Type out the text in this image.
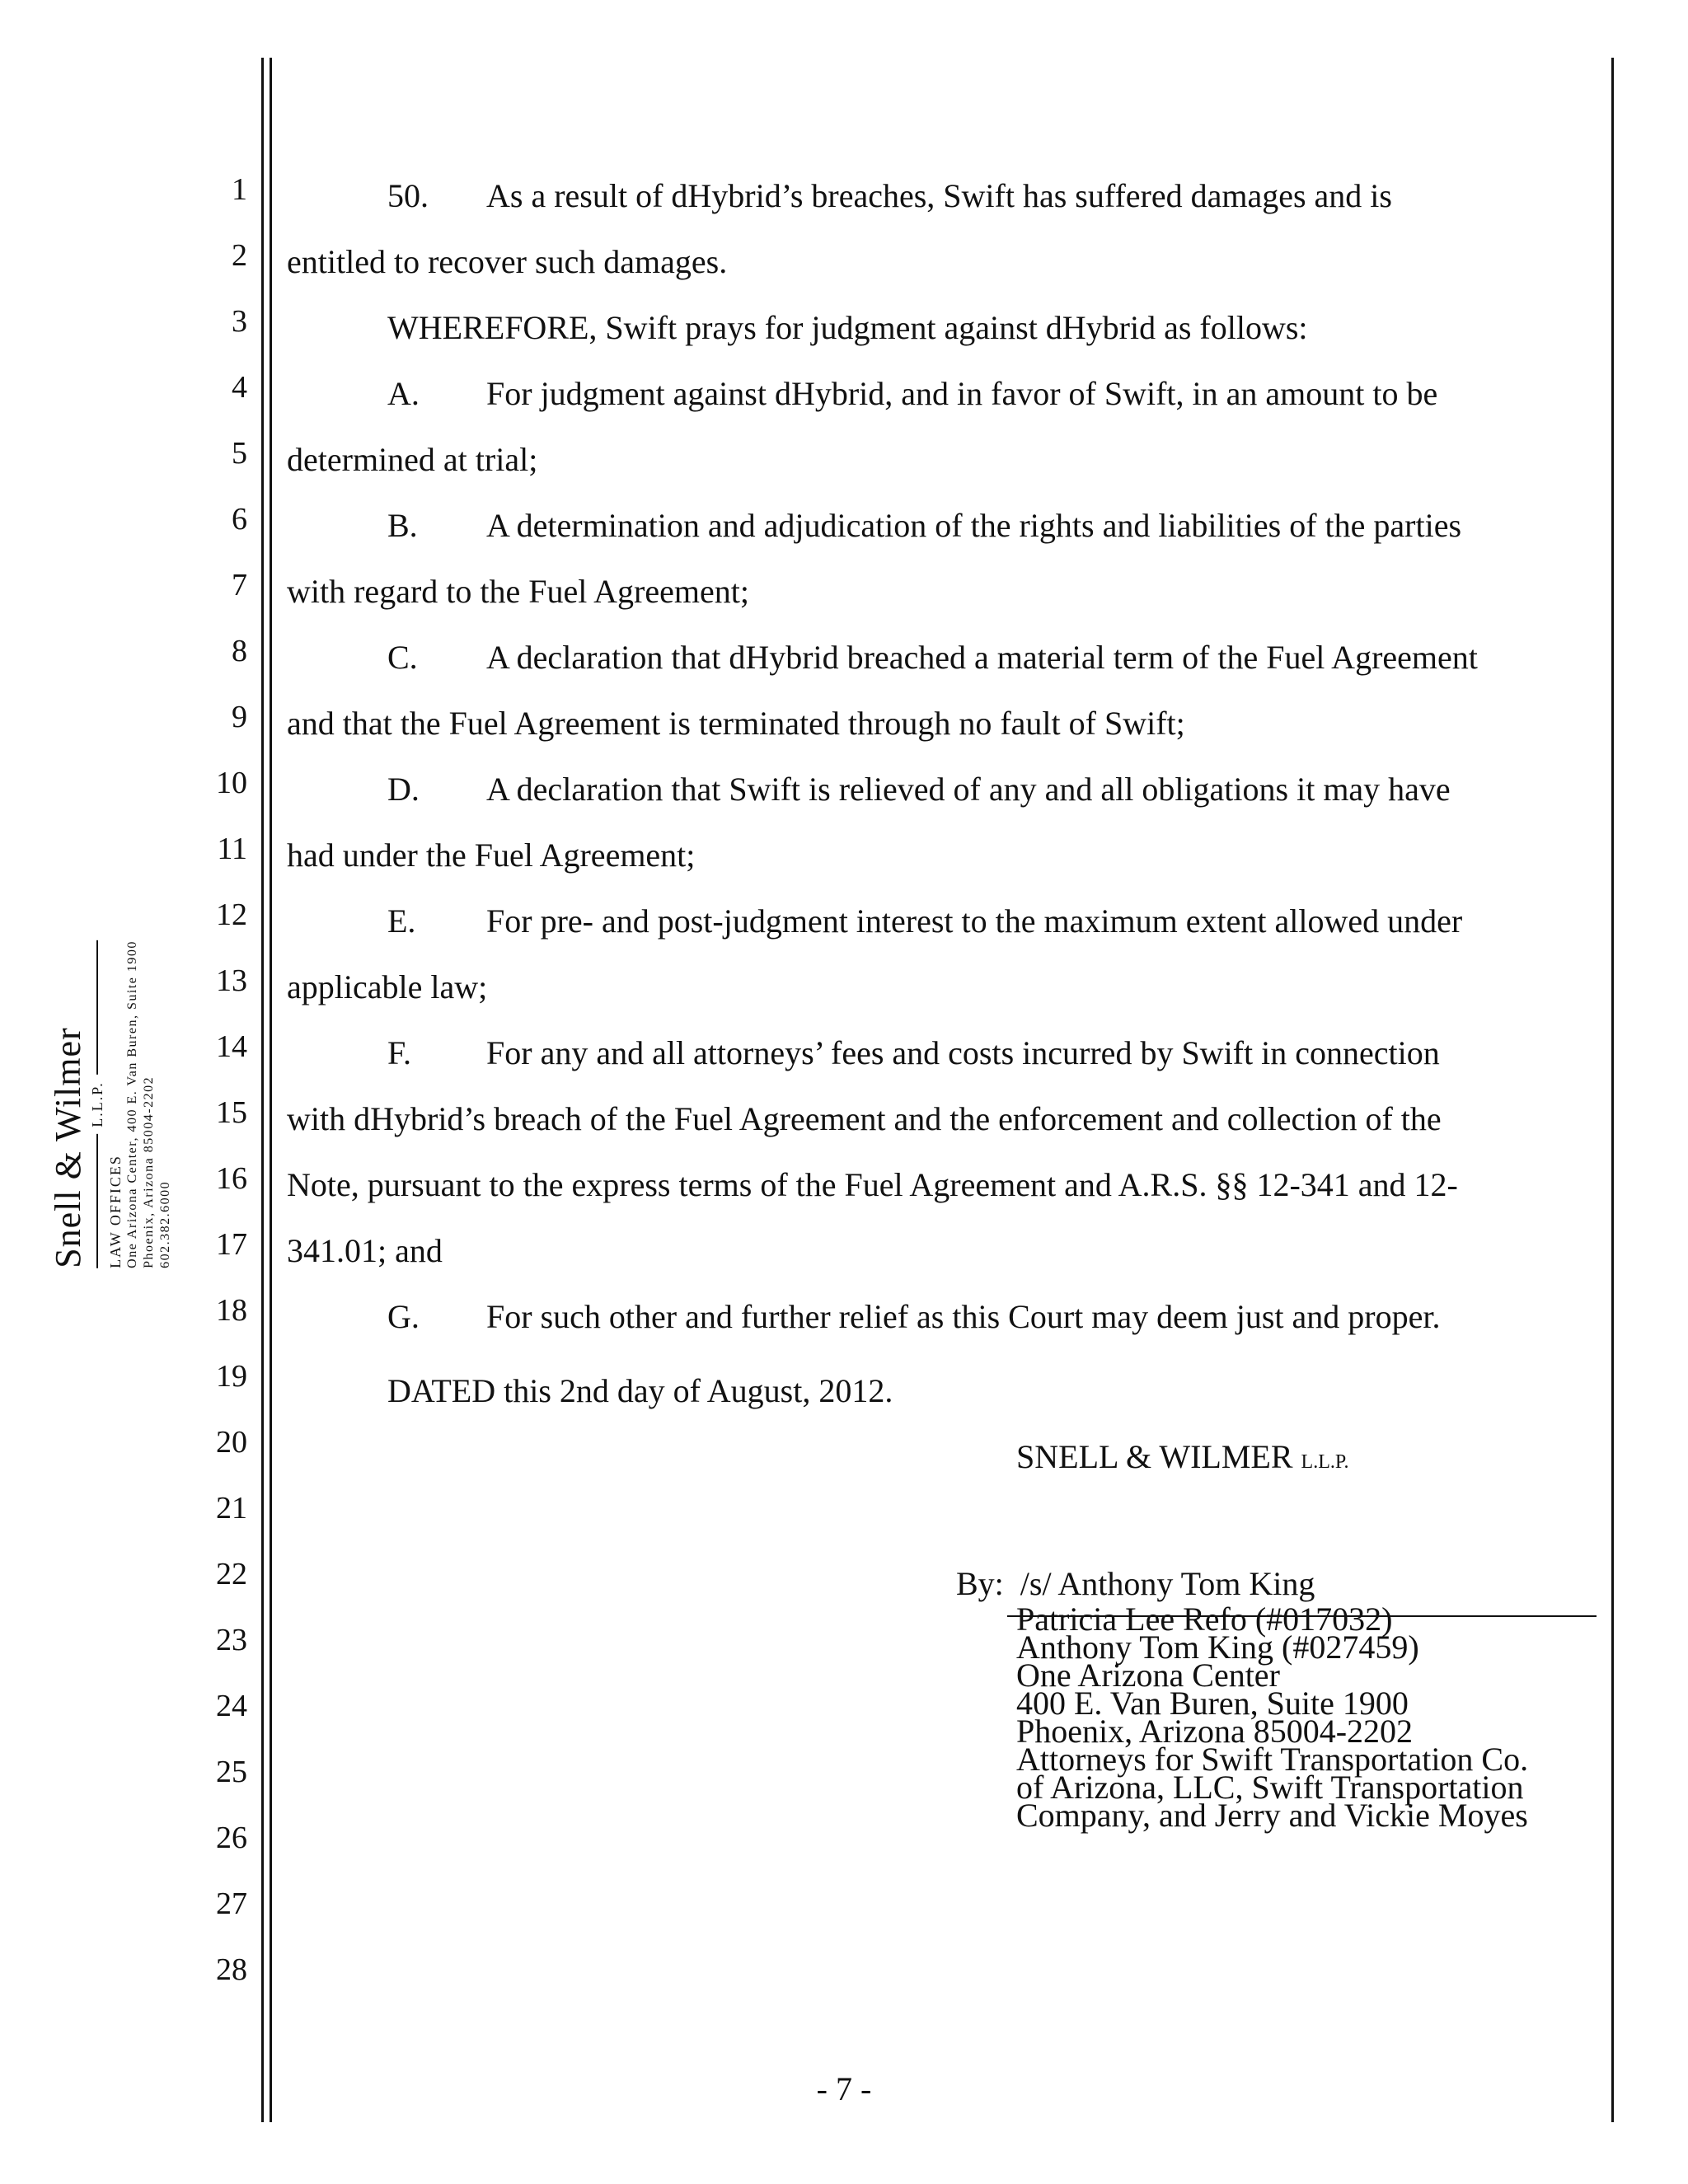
Snell & Wilmer L.L.P.
LAW OFFICES One Arizona Center, 400 E. Van Buren, Suite 1900 Phoenix, Arizona 85004-2202 602.382.6000
1
2
3
4
5
6
7
8
9
10
11
12
13
14
15
16
17
18
19
20
21
22
23
24
25
26
27
28
50. As a result of dHybrid’s breaches, Swift has suffered damages and is
entitled to recover such damages.
WHEREFORE, Swift prays for judgment against dHybrid as follows:
A. For judgment against dHybrid, and in favor of Swift, in an amount to be
determined at trial;
B. A determination and adjudication of the rights and liabilities of the parties
with regard to the Fuel Agreement;
C. A declaration that dHybrid breached a material term of the Fuel Agreement
and that the Fuel Agreement is terminated through no fault of Swift;
D. A declaration that Swift is relieved of any and all obligations it may have
had under the Fuel Agreement;
E. For pre- and post-judgment interest to the maximum extent allowed under
applicable law;
F. For any and all attorneys’ fees and costs incurred by Swift in connection
with dHybrid’s breach of the Fuel Agreement and the enforcement and collection of the
Note, pursuant to the express terms of the Fuel Agreement and A.R.S. §§ 12-341 and 12-
341.01; and
G. For such other and further relief as this Court may deem just and proper.
DATED this 2nd day of August, 2012.
SNELL & WILMER L.L.P.
By: /s/ Anthony Tom King
Patricia Lee Refo (#017032)
Anthony Tom King (#027459)
One Arizona Center
400 E. Van Buren, Suite 1900
Phoenix, Arizona 85004-2202
Attorneys for Swift Transportation Co.
of Arizona, LLC, Swift Transportation
Company, and Jerry and Vickie Moyes
- 7 -
